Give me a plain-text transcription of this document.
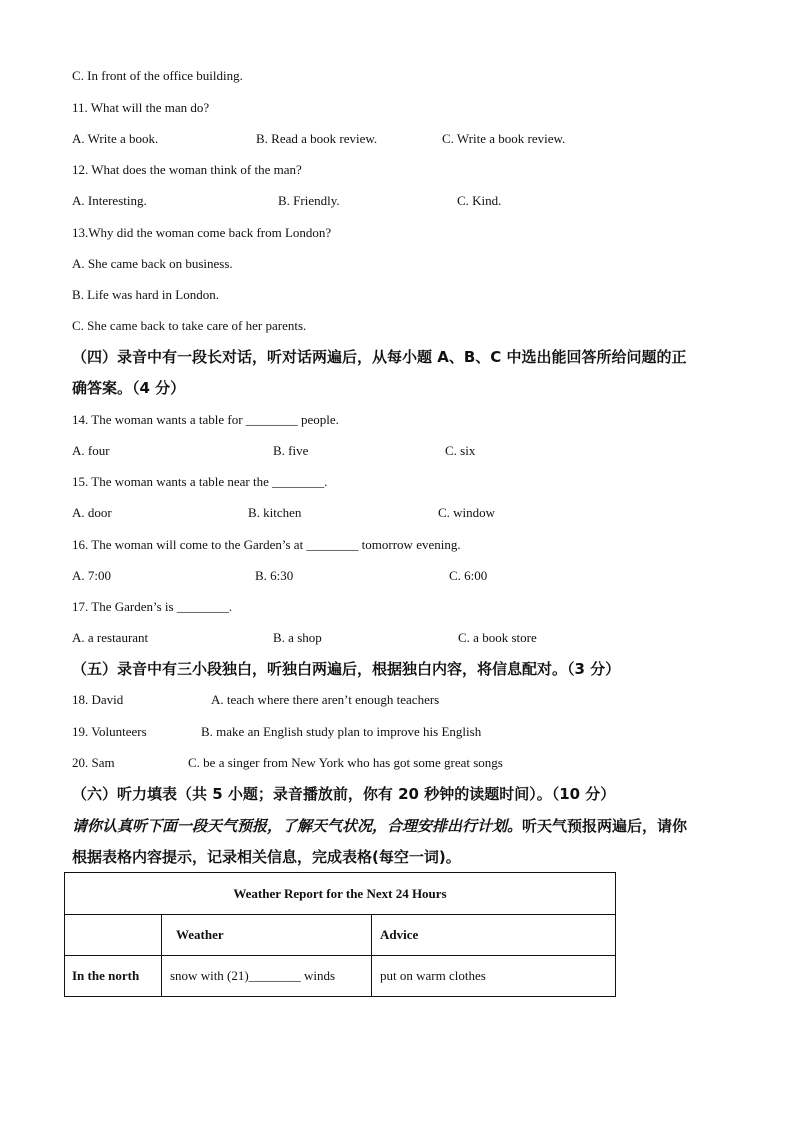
C. In front of the office building.
11. What will the man do?
A. Write a book.	B. Read a book review.	C. Write a book review.
12. What does the woman think of the man?
A. Interesting.	B. Friendly.	C. Kind.
13.Why did the woman come back from London?
A. She came back on business.
B. Life was hard in London.
C. She came back to take care of her parents.
（四）录音中有一段长对话，听对话两遍后，从每小题 A、B、C 中选出能回答所给问题的正
确答案。（4 分）
14. The woman wants a table for ________ people.
A. four	B. five	C. six
15. The woman wants a table near the ________.
A. door	B. kitchen	C. window
16. The woman will come to the Garden’s at ________ tomorrow evening.
A. 7:00	B. 6:30	C. 6:00
17. The Garden’s is ________.
A. a restaurant	B. a shop	C. a book store
（五）录音中有三小段独白，听独白两遍后，根据独白内容，将信息配对。（3 分）
18. David	A. teach where there aren’t enough teachers
19. Volunteers	B. make an English study plan to improve his English
20. Sam	C. be a singer from New York who has got some great songs
（六）听力填表（共 5 小题；录音播放前，你有 20 秒钟的读题时间）。（10 分）
请你认真听下面一段天气预报，了解天气状况，合理安排出行计划。听天气预报两遍后，请你
根据表格内容提示，记录相关信息，完成表格(每空一词)。
Weather Report for the Next 24 Hours		
	Weather	Advice
In the north	snow with (21)________ winds	put on warm clothes
